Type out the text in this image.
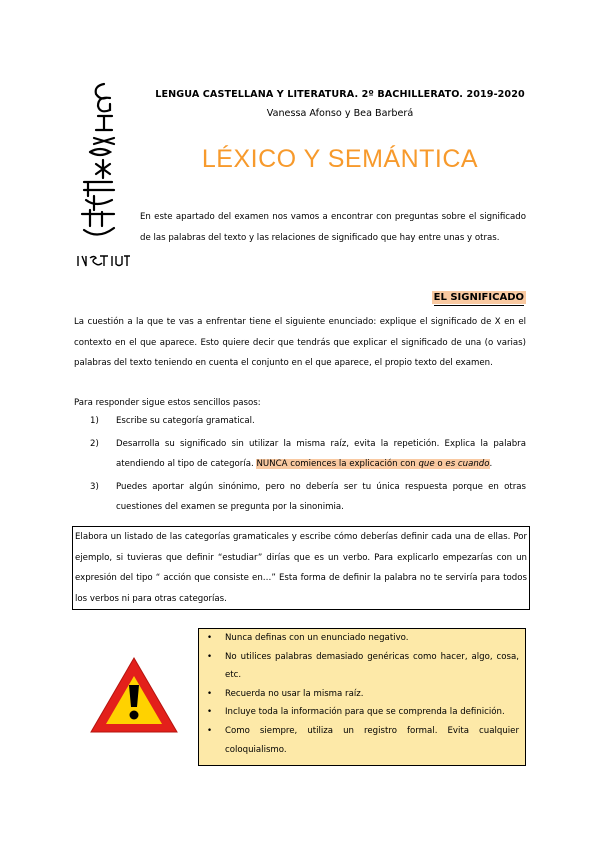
LENGUA CASTELLANA Y LITERATURA. 2º BACHILLERATO. 2019-2020
Vanessa Afonso y Bea Barberá
LÉXICO Y SEMÁNTICA
En este apartado del examen nos vamos a encontrar con preguntas sobre el significado de las palabras del texto y las relaciones de significado que hay entre unas y otras.
EL SIGNIFICADO
La cuestión a la que te vas a enfrentar tiene el siguiente enunciado: explique el significado de X en el contexto en el que aparece. Esto quiere decir que tendrás que explicar el significado de una (o varias) palabras del texto teniendo en cuenta el conjunto en el que aparece, el propio texto del examen.
Para responder sigue estos sencillos pasos:
1) Escribe su categoría gramatical.
2) Desarrolla su significado sin utilizar la misma raíz, evita la repetición. Explica la palabra atendiendo al tipo de categoría. NUNCA comiences la explicación con que o es cuando.
3) Puedes aportar algún sinónimo, pero no debería ser tu única respuesta porque en otras cuestiones del examen se pregunta por la sinonimia.
Elabora un listado de las categorías gramaticales y escribe cómo deberías definir cada una de ellas. Por ejemplo, si tuvieras que definir “estudiar” dirías que es un verbo. Para explicarlo empezarías con un expresión del tipo “ acción que consiste en…” Esta forma de definir la palabra no te serviría para todos los verbos ni para otras categorías.
• Nunca definas con un enunciado negativo.
• No utilices palabras demasiado genéricas como hacer, algo, cosa, etc.
• Recuerda no usar la misma raíz.
• Incluye toda la información para que se comprenda la definición.
• Como siempre, utiliza un registro formal. Evita cualquier coloquialismo.
